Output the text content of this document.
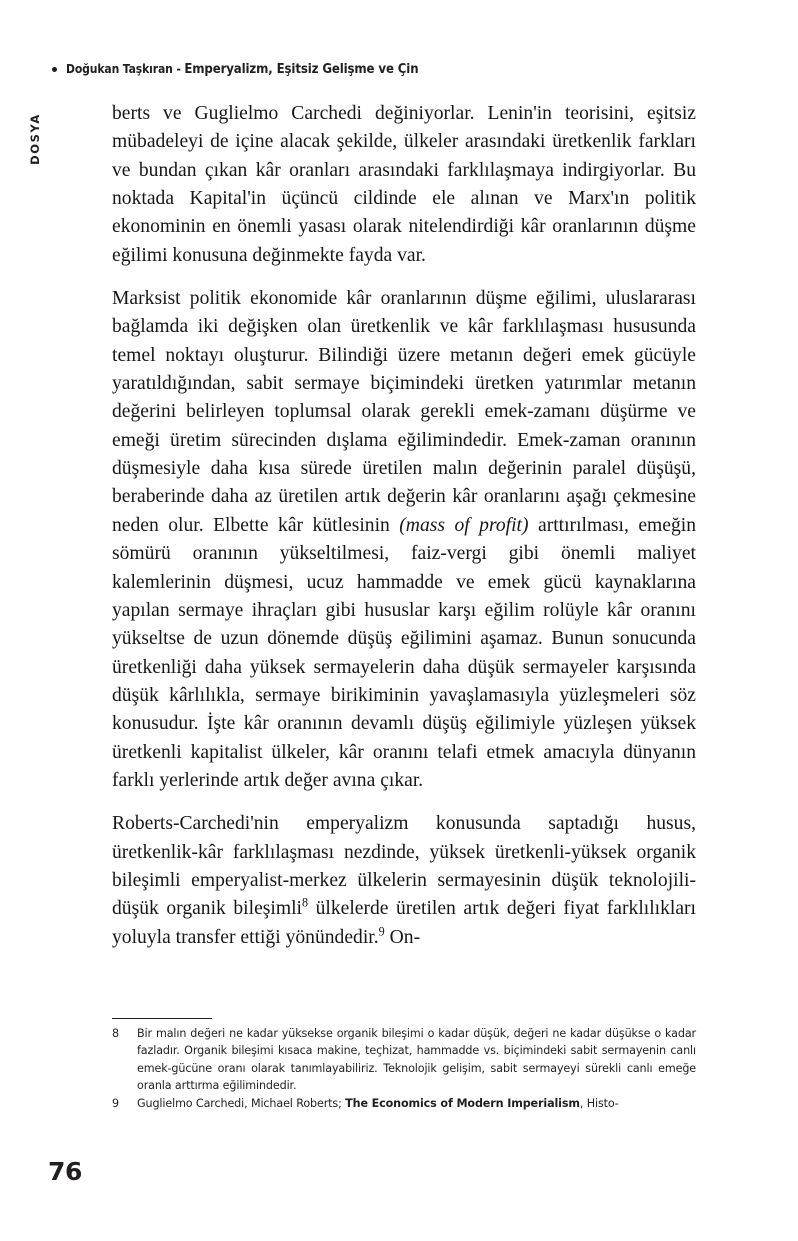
Doğukan Taşkıran - Emperyalizm, Eşitsiz Gelişme ve Çin
DOSYA	berts ve Guglielmo Carchedi değiniyorlar. Lenin'in teorisini, eşitsiz mübadeleyi de içine alacak şekilde, ülkeler arasındaki üretkenlik farkları ve bundan çıkan kâr oranları arasındaki farklılaşmaya indirgiyorlar. Bu noktada Kapital'in üçüncü cildinde ele alınan ve Marx'ın politik ekonominin en önemli yasası olarak nitelendirdiği kâr oranlarının düşme eğilimi konusuna değinmekte fayda var.

Marksist politik ekonomide kâr oranlarının düşme eğilimi, uluslararası bağlamda iki değişken olan üretkenlik ve kâr farklılaşması hususunda temel noktayı oluşturur. Bilindiği üzere metanın değeri emek gücüyle yaratıldığından, sabit sermaye biçimindeki üretken yatırımlar metanın değerini belirleyen toplumsal olarak gerekli emek-zamanı düşürme ve emeği üretim sürecinden dışlama eğilimindedir. Emek-zaman oranının düşmesiyle daha kısa sürede üretilen malın değerinin paralel düşüşü, beraberinde daha az üretilen artık değerin kâr oranlarını aşağı çekmesine neden olur. Elbette kâr kütlesinin (mass of profit) arttırılması, emeğin sömürü oranının yükseltilmesi, faiz-vergi gibi önemli maliyet kalemlerinin düşmesi, ucuz hammadde ve emek gücü kaynaklarına yapılan sermaye ihraçları gibi hususlar karşı eğilim rolüyle kâr oranını yükseltse de uzun dönemde düşüş eğilimini aşamaz. Bunun sonucunda üretkenliği daha yüksek sermayelerin daha düşük sermayeler karşısında düşük kârlılıkla, sermaye birikiminin yavaşlamasıyla yüzleşmeleri söz konusudur. İşte kâr oranının devamlı düşüş eğilimiyle yüzleşen yüksek üretkenli kapitalist ülkeler, kâr oranını telafi etmek amacıyla dünyanın farklı yerlerinde artık değer avına çıkar.

Roberts-Carchedi'nin emperyalizm konusunda saptadığı husus, üretkenlik-kâr farklılaşması nezdinde, yüksek üretkenli-yüksek organik bileşimli emperyalist-merkez ülkelerin sermayesinin düşük teknolojili-düşük organik bileşimli$^8$ ülkelerde üretilen artık değeri fiyat farklılıkları yoluyla transfer ettiği yönündedir.$^9$ On-

8	Bir malın değeri ne kadar yüksekse organik bileşimi o kadar düşük, değeri ne kadar düşükse o kadar fazladır. Organik bileşimi kısaca makine, teçhizat, hammadde vs. biçimindeki sabit sermayenin canlı emek-gücüne oranı olarak tanımlayabiliriz. Teknolojik gelişim, sabit sermayeyi sürekli canlı emeğe oranla arttırma eğilimindedir.
9	Guglielmo Carchedi, Michael Roberts; The Economics of Modern Imperialism, Histo-
76
